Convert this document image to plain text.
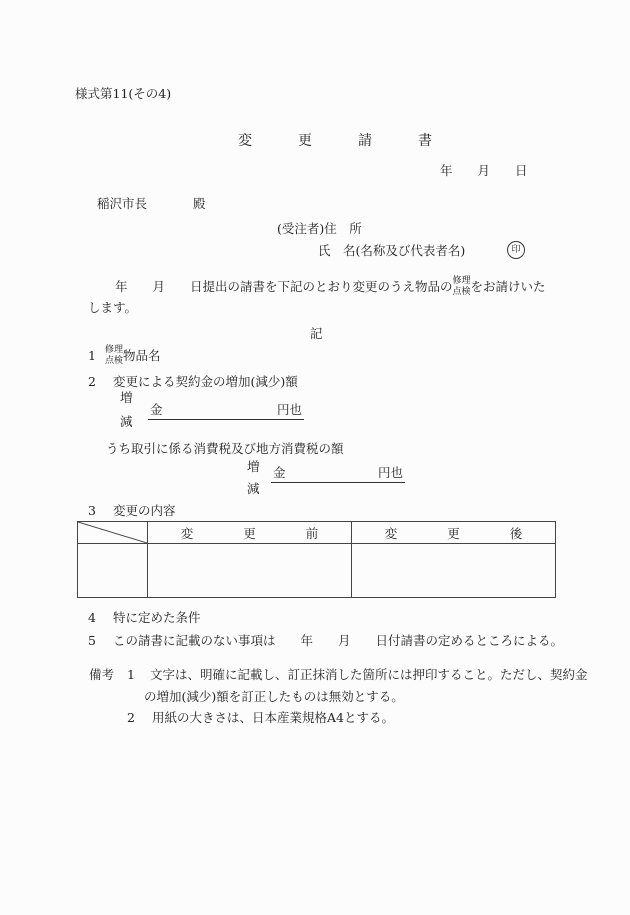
様式第11(その4)
変　　　更　　　請　　　書
年　　月　　日
稲沢市長	殿
(受注者)住　所
氏　名(名称及び代表者名)	印
年　　月　　日提出の請書を下記のとおり変更のうえ物品の 修理
点検 をお請けいた
します。
記
1	修理
点検 物品名
2	変更による契約金の増加(減少)額
増
減
金	円也
うち取引に係る消費税及び地方消費税の額
増
減
金	円也
3	変更の内容
変　　　　更　　　　前	変　　　　更　　　　後
4	特に定めた条件
5	この請書に記載のない事項は　　年　　月　　日付請書の定めるところによる。
備考 1 文字は、明確に記載し、訂正抹消した箇所には押印すること。ただし、契約金
の増加(減少)額を訂正したものは無効とする。
2 用紙の大きさは、日本産業規格A4とする。
